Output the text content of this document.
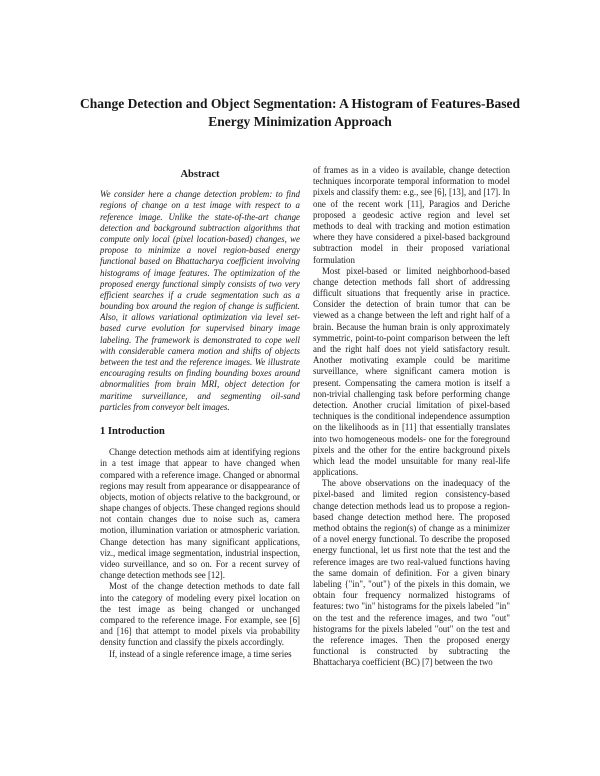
Change Detection and Object Segmentation: A Histogram of Features-Based Energy Minimization Approach
Abstract

We consider here a change detection problem: to find regions of change on a test image with respect to a reference image. Unlike the state-of-the-art change detection and background subtraction algorithms that compute only local (pixel location-based) changes, we propose to minimize a novel region-based energy functional based on Bhattacharya coefficient involving histograms of image features. The optimization of the proposed energy functional simply consists of two very efficient searches if a crude segmentation such as a bounding box around the region of change is sufficient. Also, it allows variational optimization via level set-based curve evolution for supervised binary image labeling. The framework is demonstrated to cope well with considerable camera motion and shifts of objects between the test and the reference images. We illustrate encouraging results on finding bounding boxes around abnormalities from brain MRI, object detection for maritime surveillance, and segmenting oil-sand particles from conveyor belt images.

1 Introduction

Change detection methods aim at identifying regions in a test image that appear to have changed when compared with a reference image. Changed or abnormal regions may result from appearance or disappearance of objects, motion of objects relative to the background, or shape changes of objects. These changed regions should not contain changes due to noise such as, camera motion, illumination variation or atmospheric variation. Change detection has many significant applications, viz., medical image segmentation, industrial inspection, video surveillance, and so on. For a recent survey of change detection methods see [12].

Most of the change detection methods to date fall into the category of modeling every pixel location on the test image as being changed or unchanged compared to the reference image. For example, see [6] and [16] that attempt to model pixels via probability density function and classify the pixels accordingly.

If, instead of a single reference image, a time series

of frames as in a video is available, change detection techniques incorporate temporal information to model pixels and classify them: e.g., see [6], [13], and [17]. In one of the recent work [11], Paragios and Deriche proposed a geodesic active region and level set methods to deal with tracking and motion estimation where they have considered a pixel-based background subtraction model in their proposed variational formulation

Most pixel-based or limited neighborhood-based change detection methods fall short of addressing difficult situations that frequently arise in practice. Consider the detection of brain tumor that can be viewed as a change between the left and right half of a brain. Because the human brain is only approximately symmetric, point-to-point comparison between the left and the right half does not yield satisfactory result. Another motivating example could be maritime surveillance, where significant camera motion is present. Compensating the camera motion is itself a non-trivial challenging task before performing change detection. Another crucial limitation of pixel-based techniques is the conditional independence assumption on the likelihoods as in [11] that essentially translates into two homogeneous models- one for the foreground pixels and the other for the entire background pixels which lead the model unsuitable for many real-life applications.

The above observations on the inadequacy of the pixel-based and limited region consistency-based change detection methods lead us to propose a region-based change detection method here. The proposed method obtains the region(s) of change as a minimizer of a novel energy functional. To describe the proposed energy functional, let us first note that the test and the reference images are two real-valued functions having the same domain of definition. For a given binary labeling {"in", "out"} of the pixels in this domain, we obtain four frequency normalized histograms of features: two "in" histograms for the pixels labeled "in" on the test and the reference images, and two "out" histograms for the pixels labeled "out" on the test and the reference images. Then the proposed energy functional is constructed by subtracting the Bhattacharya coefficient (BC) [7] between the two
